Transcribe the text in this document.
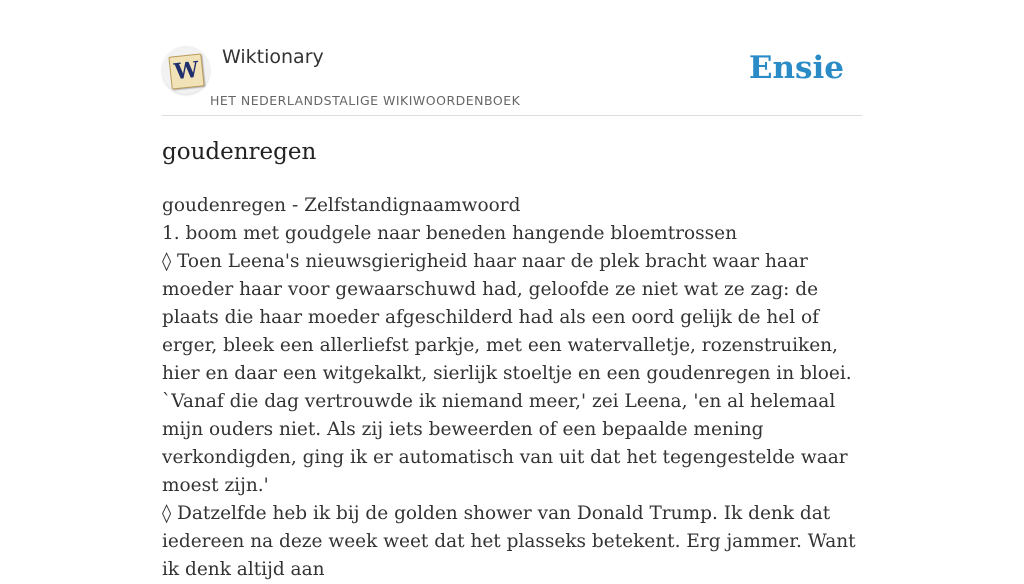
W Wiktionary
HET NEDERLANDSTALIGE WIKIWOORDENBOEK
Ensie
goudenregen
goudenregen - Zelfstandignaamwoord
1. boom met goudgele naar beneden hangende bloemtrossen
◊ Toen Leena's nieuwsgierigheid haar naar de plek bracht waar haar moeder haar voor gewaarschuwd had, geloofde ze niet wat ze zag: de plaats die haar moeder afgeschilderd had als een oord gelijk de hel of erger, bleek een allerliefst parkje, met een watervalletje, rozenstruiken, hier en daar een witgekalkt, sierlijk stoeltje en een goudenregen in bloei. `Vanaf die dag vertrouwde ik niemand meer,' zei Leena, 'en al helemaal mijn ouders niet. Als zij iets beweerden of een bepaalde mening verkondigden, ging ik er automatisch van uit dat het tegengestelde waar moest zijn.'
◊ Datzelfde heb ik bij de golden shower van Donald Trump. Ik denk dat iedereen na deze week weet dat het plasseks betekent. Erg jammer. Want ik denk altijd aan
